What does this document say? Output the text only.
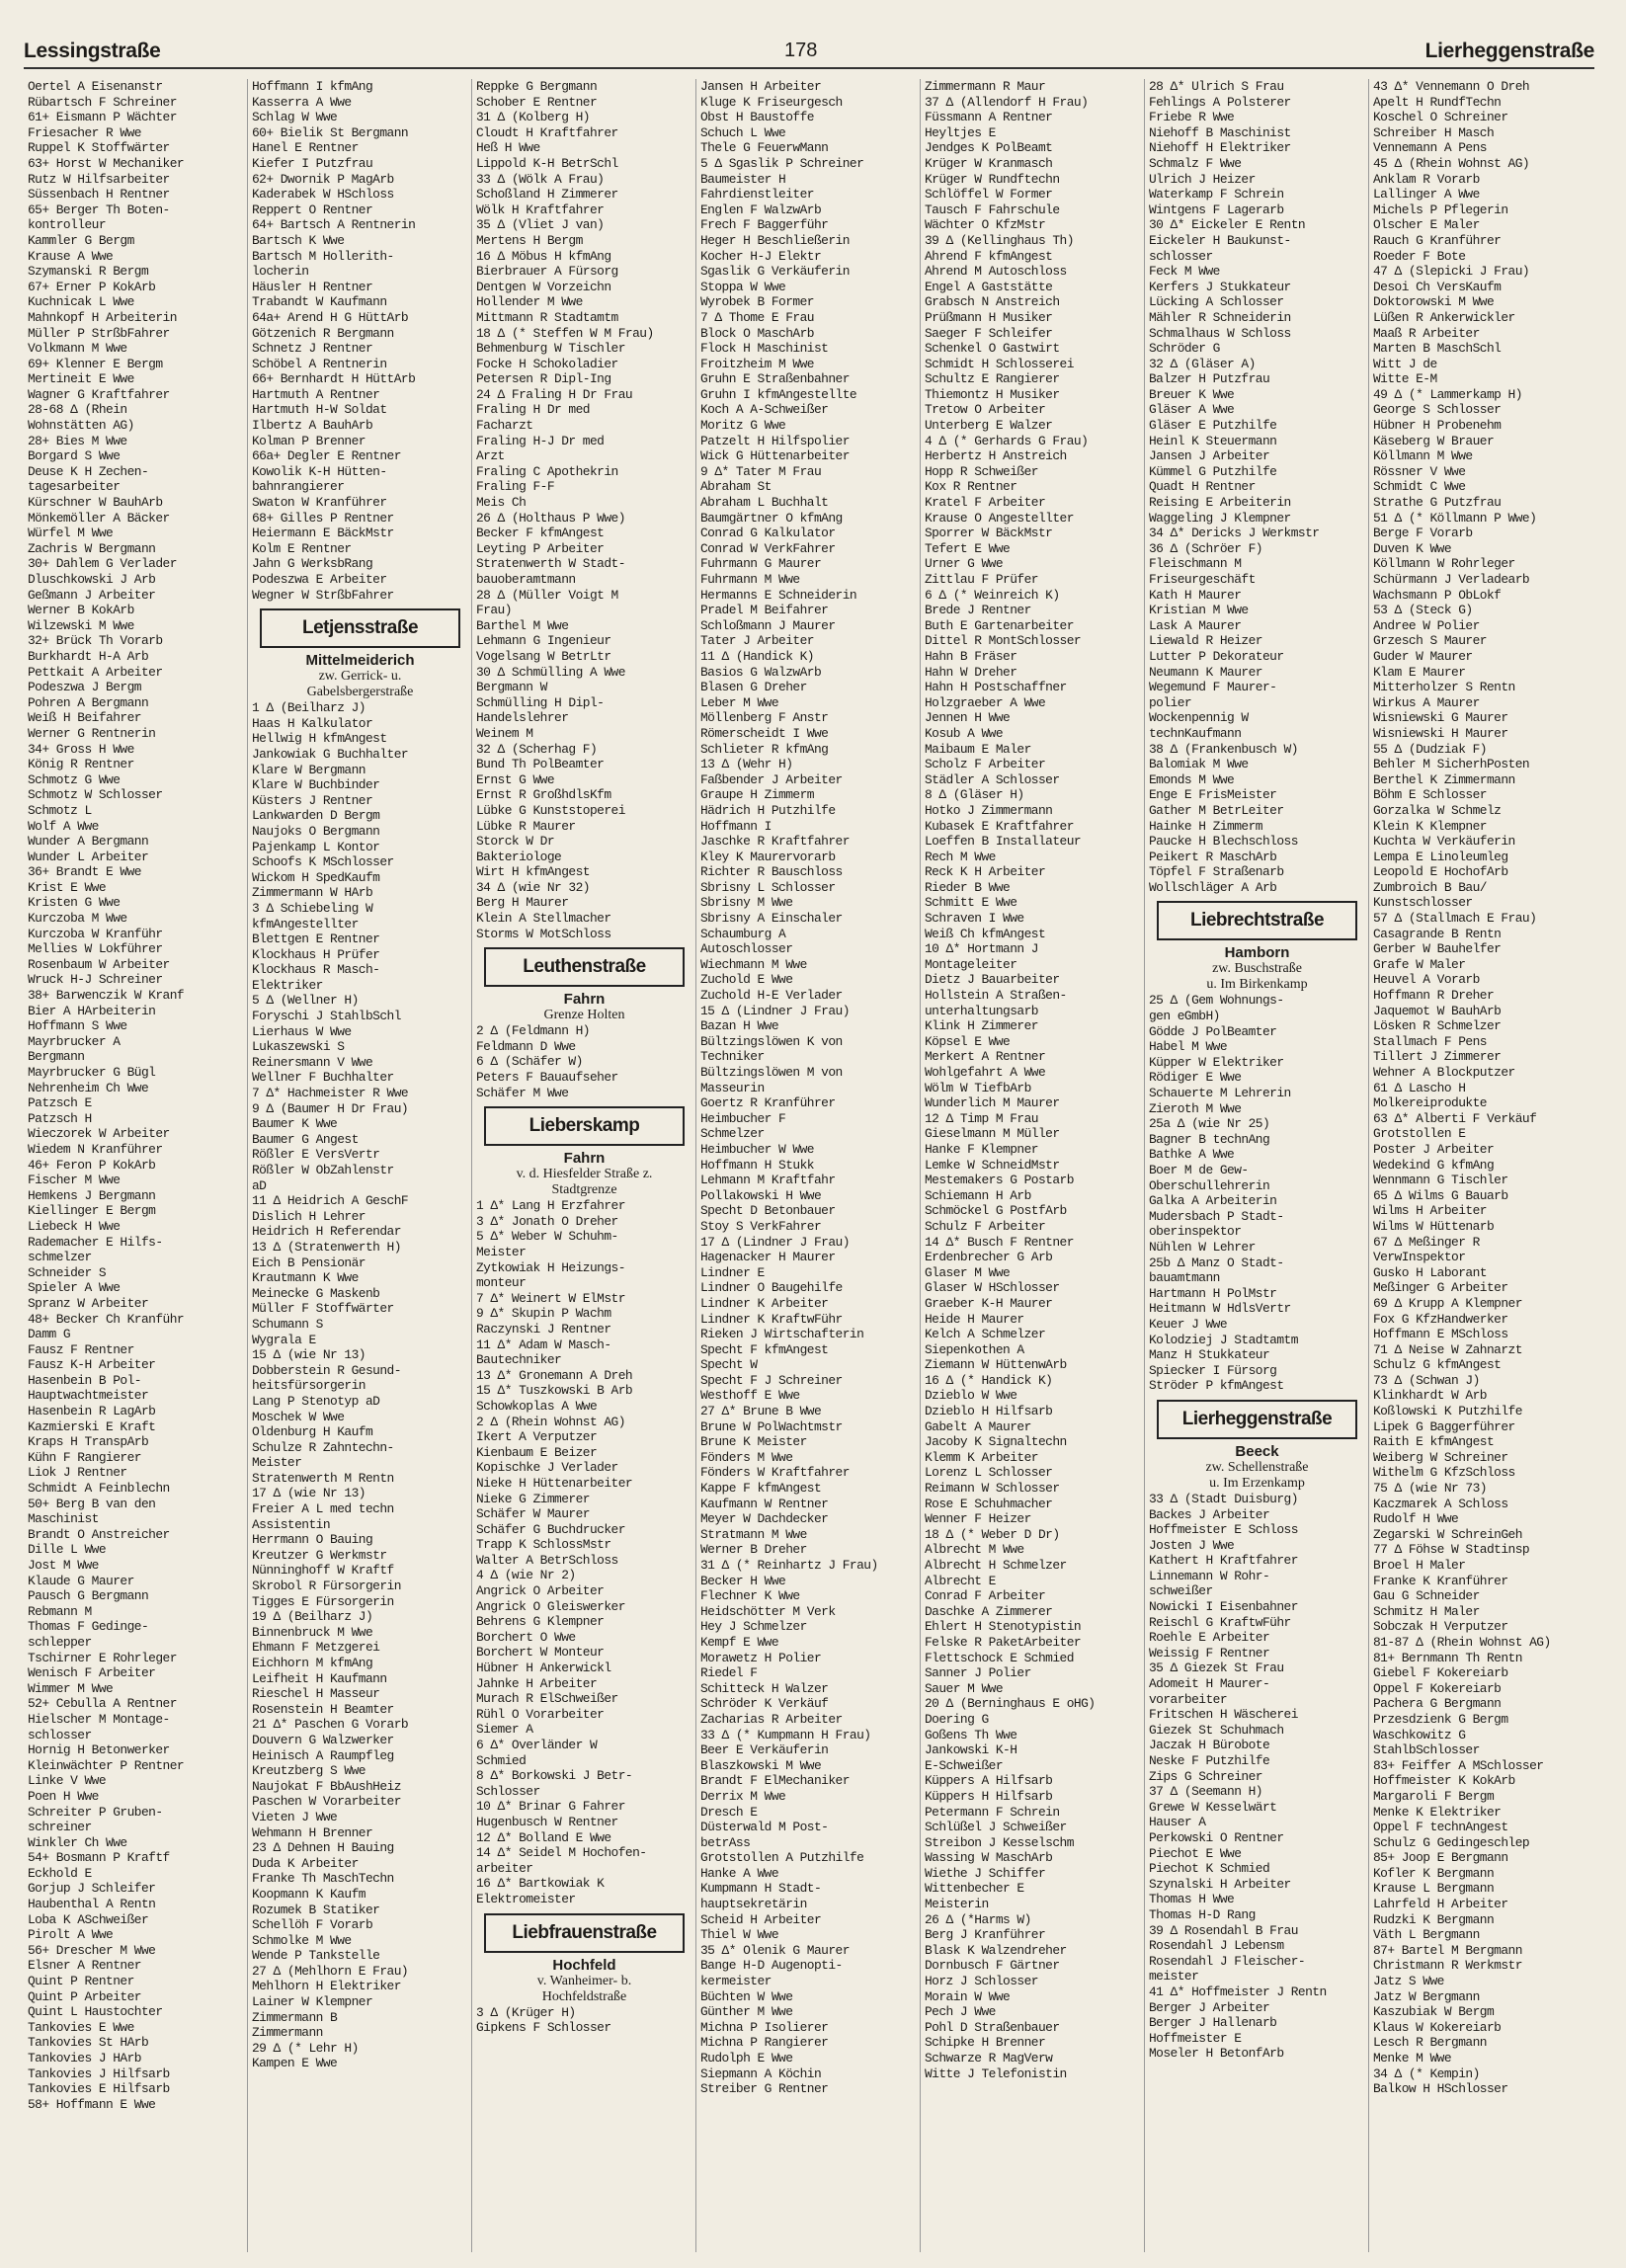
Lessingstraße	178	Lierheggenstraße
Oertel A Eisenanstr
Rübartsch F Schreiner
61+ Eismann P Wächter
Friesacher R Wwe
Ruppel K Stoffwärter
63+ Horst W Mechaniker
Rutz W Hilfsarbeiter
Süssenbach H Rentner
65+ Berger Th Boten-
kontrolleur
Kammler G Bergm
Krause A Wwe
Szymanski R Bergm
67+ Erner P KokArb
Kuchnicak L Wwe
Mahnkopf H Arbeiterin
Müller P StrßbFahrer
Volkmann M Wwe
69+ Klenner E Bergm
Mertineit E Wwe
Wagner G Kraftfahrer
28-68 Δ (Rhein
Wohnstätten AG)
28+ Bies M Wwe
Borgard S Wwe
Deuse K H Zechen-
tagesarbeiter
Kürschner W BauhArb
Mönkemöller A Bäcker
Würfel M Wwe
Zachris W Bergmann
30+ Dahlem G Verlader
Dluschkowski J Arb
Geßmann J Arbeiter
Werner B KokArb
Wilzewski M Wwe
32+ Brück Th Vorarb
Burkhardt H-A Arb
Pettkait A Arbeiter
Podeszwa J Bergm
Pohren A Bergmann
Weiß H Beifahrer
Werner G Rentnerin
34+ Gross H Wwe
König R Rentner
Schmotz G Wwe
Schmotz W Schlosser
Schmotz L
Wolf A Wwe
Wunder A Bergmann
Wunder L Arbeiter
36+ Brandt E Wwe
Krist E Wwe
Kristen G Wwe
Kurczoba M Wwe
Kurczoba W Kranführ
Mellies W Lokführer
Rosenbaum W Arbeiter
Wruck H-J Schreiner
38+ Barwenczik W Kranf
Bier A HArbeiterin
Hoffmann S Wwe
Mayrbrucker A
Bergmann
Mayrbrucker G Bügl
Nehrenheim Ch Wwe
Patzsch E
Patzsch H
Wieczorek W Arbeiter
Wiedem N Kranführer
46+ Feron P KokArb
Fischer M Wwe
Hemkens J Bergmann
Kiellinger E Bergm
Liebeck H Wwe
Rademacher E Hilfs-
schmelzer
Schneider S
Spieler A Wwe
Spranz W Arbeiter
48+ Becker Ch Kranführ
Damm G
Fausz F Rentner
Fausz K-H Arbeiter
Hasenbein B Pol-
Hauptwachtmeister
Hasenbein R LagArb
Kazmierski E Kraft
Kraps H TranspArb
Kühn F Rangierer
Liok J Rentner
Schmidt A Feinblechn
50+ Berg B van den
Maschinist
Brandt O Anstreicher
Dille L Wwe
Jost M Wwe
Klaude G Maurer
Pausch G Bergmann
Rebmann M
Thomas F Gedinge-
schlepper
Tschirner E Rohrleger
Wenisch F Arbeiter
Wimmer M Wwe
52+ Cebulla A Rentner
Hielscher M Montage-
schlosser
Hornig H Betonwerker
Kleinwächter P Rentner
Linke V Wwe
Poen H Wwe
Schreiter P Gruben-
schreiner
Winkler Ch Wwe
54+ Bosmann P Kraftf
Eckhold E
Gorjup J Schleifer
Haubenthal A Rentn
Loba K ASchweißer
Pirolt A Wwe
56+ Drescher M Wwe
Elsner A Rentner
Quint P Rentner
Quint P Arbeiter
Quint L Haustochter
Tankovies E Wwe
Tankovies St HArb
Tankovies J HArb
Tankovies J Hilfsarb
Tankovies E Hilfsarb
58+ Hoffmann E Wwe
Hoffmann I kfmAng
Kasserra A Wwe
Schlag W Wwe
60+ Bielik St Bergmann
Hanel E Rentner
Kiefer I Putzfrau
62+ Dwornik P MagArb
Kaderabek W HSchloss
Reppert O Rentner
64+ Bartsch A Rentnerin
Bartsch K Wwe
Bartsch M Hollerith-
locherin
Häusler H Rentner
Trabandt W Kaufmann
64a+ Arend H G HüttArb
Götzenich R Bergmann
Schnetz J Rentner
Schöbel A Rentnerin
66+ Bernhardt H HüttArb
Hartmuth A Rentner
Hartmuth H-W Soldat
Ilbertz A BauhArb
Kolman P Brenner
66a+ Degler E Rentner
Kowolik K-H Hütten-
bahnrangierer
Swaton W Kranführer
68+ Gilles P Rentner
Heiermann E BäckMstr
Kolm E Rentner
Jahn G WerksbRang
Podeszwa E Arbeiter
Wegner W StrßbFahrer
Letjensstraße
Mittelmeiderich
zw. Gerrick- u.
Gabelsbergerstraße
1 Δ (Beilharz J)
Haas H Kalkulator
Hellwig H kfmAngest
Jankowiak G Buchhalter
Klare W Bergmann
Klare W Buchbinder
Küsters J Rentner
Lankwarden D Bergm
Naujoks O Bergmann
Pajenkamp L Kontor
Schoofs K MSchlosser
Wickom H SpedKaufm
Zimmermann W HArb
3 Δ Schiebeling W
kfmAngestellter
Blettgen E Rentner
Klockhaus H Prüfer
Klockhaus R Masch-
Elektriker
5 Δ (Wellner H)
Foryschi J StahlbSchl
Lierhaus W Wwe
Lukaszewski S
Reinersmann V Wwe
Wellner F Buchhalter
7 Δ* Hachmeister R Wwe
9 Δ (Baumer H Dr Frau)
Baumer K Wwe
Baumer G Angest
Rößler E VersVertr
Rößler W ObZahlenstr
aD
11 Δ Heidrich A GeschF
Dislich H Lehrer
Heidrich H Referendar
13 Δ (Stratenwerth H)
Eich B Pensionär
Krautmann K Wwe
Meinecke G Maskenb
Müller F Stoffwärter
Schumann S
Wygrala E
15 Δ (wie Nr 13)
Dobberstein R Gesund-
heitsfürsorgerin
Lang P Stenotyp aD
Moschek W Wwe
Oldenburg H Kaufm
Schulze R Zahntechn-
Meister
Stratenwerth M Rentn
17 Δ (wie Nr 13)
Freier A L med techn
Assistentin
Herrmann O Bauing
Kreutzer G Werkmstr
Nünninghoff W Kraftf
Skrobol R Fürsorgerin
Tigges E Fürsorgerin
19 Δ (Beilharz J)
Binnenbruck M Wwe
Ehmann F Metzgerei
Eichhorn M kfmAng
Leifheit H Kaufmann
Rieschel H Masseur
Rosenstein H Beamter
21 Δ* Paschen G Vorarb
Douvern G Walzwerker
Heinisch A Raumpfleg
Kreutzberg S Wwe
Naujokat F BbAushHeiz
Paschen W Vorarbeiter
Vieten J Wwe
Wehmann H Brenner
23 Δ Dehnen H Bauing
Duda K Arbeiter
Franke Th MaschTechn
Koopmann K Kaufm
Rozumek B Statiker
Schellöh F Vorarb
Schmolke M Wwe
Wende P Tankstelle
27 Δ (Mehlhorn E Frau)
Mehlhorn H Elektriker
Lainer W Klempner
Zimmermann B
Zimmermann
29 Δ (* Lehr H)
Kampen E Wwe
Reppke G Bergmann
Schober E Rentner
31 Δ (Kolberg H)
Cloudt H Kraftfahrer
Heß H Wwe
Lippold K-H BetrSchl
33 Δ (Wölk A Frau)
Schoßland H Zimmerer
Wölk H Kraftfahrer
35 Δ (Vliet J van)
Mertens H Bergm
16 Δ Möbus H kfmAng
Bierbrauer A Fürsorg
Dentgen W Vorzeichn
Hollender M Wwe
Mittmann R Stadtamtm
18 Δ (* Steffen W M Frau)
Behmenburg W Tischler
Focke H Schokoladier
Petersen R Dipl-Ing
24 Δ Fraling H Dr Frau
Fraling H Dr med
Facharzt
Fraling H-J Dr med
Arzt
Fraling C Apothekrin
Fraling F-F
Meis Ch
26 Δ (Holthaus P Wwe)
Becker F kfmAngest
Leyting P Arbeiter
Stratenwerth W Stadt-
bauoberamtmann
28 Δ (Müller Voigt M
Frau)
Barthel M Wwe
Lehmann G Ingenieur
Vogelsang W BetrLtr
30 Δ Schmülling A Wwe
Bergmann W
Schmülling H Dipl-
Handelslehrer
Weinem M
32 Δ (Scherhag F)
Bund Th PolBeamter
Ernst G Wwe
Ernst R GroßhdlsKfm
Lübke G Kunststoperei
Lübke R Maurer
Storck W Dr
Bakteriologe
Wirt H kfmAngest
34 Δ (wie Nr 32)
Berg H Maurer
Klein A Stellmacher
Storms W MotSchloss
Leuthenstraße
Fahrn
Grenze Holten
2 Δ (Feldmann H)
Feldmann D Wwe
6 Δ (Schäfer W)
Peters F Bauaufseher
Schäfer M Wwe
Lieberskamp
Fahrn
v. d. Hiesfelder Straße z.
Stadtgrenze
1 Δ* Lang H Erzfahrer
3 Δ* Jonath O Dreher
5 Δ* Weber W Schuhm-
Meister
Zytkowiak H Heizungs-
monteur
7 Δ* Weinert W ElMstr
9 Δ* Skupin P Wachm
Raczynski J Rentner
11 Δ* Adam W Masch-
Bautechniker
13 Δ* Gronemann A Dreh
15 Δ* Tuszkowski B Arb
Schowkoplas A Wwe
2 Δ (Rhein Wohnst AG)
Ikert A Verputzer
Kienbaum E Beizer
Kopischke J Verlader
Nieke H Hüttenarbeiter
Nieke G Zimmerer
Schäfer W Maurer
Schäfer G Buchdrucker
Trapp K SchlossMstr
Walter A BetrSchloss
4 Δ (wie Nr 2)
Angrick O Arbeiter
Angrick O Gleiswerker
Behrens G Klempner
Borchert O Wwe
Borchert W Monteur
Hübner H Ankerwickl
Jahnke H Arbeiter
Murach R ElSchweißer
Rühl O Vorarbeiter
Siemer A
6 Δ* Overländer W
Schmied
8 Δ* Borkowski J Betr-
Schlosser
10 Δ* Brinar G Fahrer
Hugenbusch W Rentner
12 Δ* Bolland E Wwe
14 Δ* Seidel M Hochofen-
arbeiter
16 Δ* Bartkowiak K
Elektromeister
Liebfrauenstraße
Hochfeld
v. Wanheimer- b.
Hochfeldstraße
3 Δ (Krüger H)
Gipkens F Schlosser
Jansen H Arbeiter
Kluge K Friseurgesch
Obst H Baustoffe
Schuch L Wwe
Thele G FeuerwMann
5 Δ Sgaslik P Schreiner
Baumeister H
Fahrdienstleiter
Englen F WalzwArb
Frech F Baggerführ
Heger H Beschließerin
Kocher H-J Elektr
Sgaslik G Verkäuferin
Stoppa W Wwe
Wyrobek B Former
7 Δ Thome E Frau
Block O MaschArb
Flock H Maschinist
Froitzheim M Wwe
Gruhn E Straßenbahner
Gruhn I kfmAngestellte
Koch A A-Schweißer
Moritz G Wwe
Patzelt H Hilfspolier
Wick G Hüttenarbeiter
9 Δ* Tater M Frau
Abraham St
Abraham L Buchhalt
Baumgärtner O kfmAng
Conrad G Kalkulator
Conrad W VerkFahrer
Fuhrmann G Maurer
Fuhrmann M Wwe
Hermanns E Schneiderin
Pradel M Beifahrer
Schloßmann J Maurer
Tater J Arbeiter
11 Δ (Handick K)
Basios G WalzwArb
Blasen G Dreher
Leber M Wwe
Möllenberg F Anstr
Römerscheidt I Wwe
Schlieter R kfmAng
13 Δ (Wehr H)
Faßbender J Arbeiter
Graupe H Zimmerm
Hädrich H Putzhilfe
Hoffmann I
Jaschke R Kraftfahrer
Kley K Maurervorarb
Richter R Bauschloss
Sbrisny L Schlosser
Sbrisny M Wwe
Sbrisny A Einschaler
Schaumburg A
Autoschlosser
Wiechmann M Wwe
Zuchold E Wwe
Zuchold H-E Verlader
15 Δ (Lindner J Frau)
Bazan H Wwe
Bültzingslöwen K von
Techniker
Bültzingslöwen M von
Masseurin
Goertz R Kranführer
Heimbucher F
Schmelzer
Heimbucher W Wwe
Hoffmann H Stukk
Lehmann M Kraftfahr
Pollakowski H Wwe
Specht D Betonbauer
Stoy S VerkFahrer
17 Δ (Lindner J Frau)
Hagenacker H Maurer
Lindner E
Lindner O Baugehilfe
Lindner K Arbeiter
Lindner K KraftwFühr
Rieken J Wirtschafterin
Specht F kfmAngest
Specht W
Specht F J Schreiner
Westhoff E Wwe
27 Δ* Brune B Wwe
Brune W PolWachtmstr
Brune K Meister
Fönders M Wwe
Fönders W Kraftfahrer
Kappe F kfmAngest
Kaufmann W Rentner
Meyer W Dachdecker
Stratmann M Wwe
Werner B Dreher
31 Δ (* Reinhartz J Frau)
Becker H Wwe
Flechner K Wwe
Heidschötter M Verk
Hey J Schmelzer
Kempf E Wwe
Morawetz H Polier
Riedel F
Schitteck H Walzer
Schröder K Verkäuf
Zacharias R Arbeiter
33 Δ (* Kumpmann H Frau)
Beer E Verkäuferin
Blaszkowski M Wwe
Brandt F ElMechaniker
Derrix M Wwe
Dresch E
Düsterwald M Post-
betrAss
Grotstollen A Putzhilfe
Hanke A Wwe
Kumpmann H Stadt-
hauptsekretärin
Scheid H Arbeiter
Thiel W Wwe
35 Δ* Olenik G Maurer
Bange H-D Augenopti-
kermeister
Büchten W Wwe
Günther M Wwe
Michna P Isolierer
Michna P Rangierer
Rudolph E Wwe
Siepmann A Köchin
Streiber G Rentner
Zimmermann R Maur
37 Δ (Allendorf H Frau)
Füssmann A Rentner
Heyltjes E
Jendges K PolBeamt
Krüger W Kranmasch
Krüger W Rundftechn
Schlöffel W Former
Tausch F Fahrschule
Wächter O KfzMstr
39 Δ (Kellinghaus Th)
Ahrend F kfmAngest
Ahrend M Autoschloss
Engel A Gaststätte
Grabsch N Anstreich
Prüßmann H Musiker
Saeger F Schleifer
Schenkel O Gastwirt
Schmidt H Schlosserei
Schultz E Rangierer
Thiemontz H Musiker
Tretow O Arbeiter
Unterberg E Walzer
4 Δ (* Gerhards G Frau)
Herbertz H Anstreich
Hopp R Schweißer
Kox R Rentner
Kratel F Arbeiter
Krause O Angestellter
Sporrer W BäckMstr
Tefert E Wwe
Urner G Wwe
Zittlau F Prüfer
6 Δ (* Weinreich K)
Brede J Rentner
Buth E Gartenarbeiter
Dittel R MontSchlosser
Hahn B Fräser
Hahn W Dreher
Hahn H Postschaffner
Holzgraeber A Wwe
Jennen H Wwe
Kosub A Wwe
Maibaum E Maler
Scholz F Arbeiter
Städler A Schlosser
8 Δ (Gläser H)
Hotko J Zimmermann
Kubasek E Kraftfahrer
Loeffen B Installateur
Rech M Wwe
Reck K H Arbeiter
Rieder B Wwe
Schmitt E Wwe
Schraven I Wwe
Weiß Ch kfmAngest
10 Δ* Hortmann J
Montageleiter
Dietz J Bauarbeiter
Hollstein A Straßen-
unterhaltungsarb
Klink H Zimmerer
Köpsel E Wwe
Merkert A Rentner
Wohlgefahrt A Wwe
Wölm W TiefbArb
Wunderlich M Maurer
12 Δ Timp M Frau
Gieselmann M Müller
Hanke F Klempner
Lemke W SchneidMstr
Mestemakers G Postarb
Schiemann H Arb
Schmöckel G PostfArb
Schulz F Arbeiter
14 Δ* Busch F Rentner
Erdenbrecher G Arb
Glaser M Wwe
Glaser W HSchlosser
Graeber K-H Maurer
Heide H Maurer
Kelch A Schmelzer
Siepenkothen A
Ziemann W HüttenwArb
16 Δ (* Handick K)
Dzieblo W Wwe
Dzieblo H Hilfsarb
Gabelt A Maurer
Jacoby K Signaltechn
Klemm K Arbeiter
Lorenz L Schlosser
Reimann W Schlosser
Rose E Schuhmacher
Wenner F Heizer
18 Δ (* Weber D Dr)
Albrecht M Wwe
Albrecht H Schmelzer
Albrecht E
Conrad F Arbeiter
Daschke A Zimmerer
Ehlert H Stenotypistin
Felske R PaketArbeiter
Flettschock E Schmied
Sanner J Polier
Sauer M Wwe
20 Δ (Berninghaus E oHG)
Doering G
Goßens Th Wwe
Jankowski K-H
E-Schweißer
Küppers A Hilfsarb
Küppers H Hilfsarb
Petermann F Schrein
Schlüßel J Schweißer
Streibon J Kesselschm
Wassing W MaschArb
Wiethe J Schiffer
Wittenbecher E
Meisterin
26 Δ (*Harms W)
Berg J Kranführer
Blask K Walzendreher
Dornbusch F Gärtner
Horz J Schlosser
Morain W Wwe
Pech J Wwe
Pohl D Straßenbauer
Schipke H Brenner
Schwarze R MagVerw
Witte J Telefonistin
28 Δ* Ulrich S Frau
Fehlings A Polsterer
Friebe R Wwe
Niehoff B Maschinist
Niehoff H Elektriker
Schmalz F Wwe
Ulrich J Heizer
Waterkamp F Schrein
Wintgens F Lagerarb
30 Δ* Eickeler E Rentn
Eickeler H Baukunst-
schlosser
Feck M Wwe
Kerfers J Stukkateur
Lücking A Schlosser
Mähler R Schneiderin
Schmalhaus W Schloss
Schröder G
32 Δ (Gläser A)
Balzer H Putzfrau
Breuer K Wwe
Gläser A Wwe
Gläser E Putzhilfe
Heinl K Steuermann
Jansen J Arbeiter
Kümmel G Putzhilfe
Quadt H Rentner
Reising E Arbeiterin
Waggeling J Klempner
34 Δ* Dericks J Werkmstr
36 Δ (Schröer F)
Fleischmann M
Friseurgeschäft
Kath H Maurer
Kristian M Wwe
Lask A Maurer
Liewald R Heizer
Lutter P Dekorateur
Neumann K Maurer
Wegemund F Maurer-
polier
Wockenpennig W
technKaufmann
38 Δ (Frankenbusch W)
Balomiak M Wwe
Emonds M Wwe
Enge E FrisMeister
Gather M BetrLeiter
Hainke H Zimmerm
Paucke H Blechschloss
Peikert R MaschArb
Töpfel F Straßenarb
Wollschläger A Arb
Liebrechtstraße
Hamborn
zw. Buschstraße
u. Im Birkenkamp
25 Δ (Gem Wohnungs-
gen eGmbH)
Gödde J PolBeamter
Habel M Wwe
Küpper W Elektriker
Rödiger E Wwe
Schauerte M Lehrerin
Zieroth M Wwe
25a Δ (wie Nr 25)
Bagner B technAng
Bathke A Wwe
Boer M de Gew-
Oberschullehrerin
Galka A Arbeiterin
Mudersbach P Stadt-
oberinspektor
Nühlen W Lehrer
25b Δ Manz O Stadt-
bauamtmann
Hartmann H PolMstr
Heitmann W HdlsVertr
Keuer J Wwe
Kolodziej J Stadtamtm
Manz H Stukkateur
Spiecker I Fürsorg
Ströder P kfmAngest
Lierheggenstraße
Beeck
zw. Schellenstraße
u. Im Erzenkamp
33 Δ (Stadt Duisburg)
Backes J Arbeiter
Hoffmeister E Schloss
Josten J Wwe
Kathert H Kraftfahrer
Linnemann W Rohr-
schweißer
Nowicki I Eisenbahner
Reischl G KraftwFühr
Roehle E Arbeiter
Weissig F Rentner
35 Δ Giezek St Frau
Adomeit H Maurer-
vorarbeiter
Fritschen H Wäscherei
Giezek St Schuhmach
Jaczak H Bürobote
Neske F Putzhilfe
Zips G Schreiner
37 Δ (Seemann H)
Grewe W Kesselwärt
Hauser A
Perkowski O Rentner
Piechot E Wwe
Piechot K Schmied
Szynalski H Arbeiter
Thomas H Wwe
Thomas H-D Rang
39 Δ Rosendahl B Frau
Rosendahl J Lebensm
Rosendahl J Fleischer-
meister
41 Δ* Hoffmeister J Rentn
Berger J Arbeiter
Berger J Hallenarb
Hoffmeister E
Moseler H BetonfArb
43 Δ* Vennemann O Dreh
Apelt H RundfTechn
Koschel O Schreiner
Schreiber H Masch
Vennemann A Pens
45 Δ (Rhein Wohnst AG)
Anklam R Vorarb
Lallinger A Wwe
Michels P Pflegerin
Olscher E Maler
Rauch G Kranführer
Roeder F Bote
47 Δ (Slepicki J Frau)
Desoi Ch VersKaufm
Doktorowski M Wwe
Lüßen R Ankerwickler
Maaß R Arbeiter
Marten B MaschSchl
Witt J de
Witte E-M
49 Δ (* Lammerkamp H)
George S Schlosser
Hübner H Probenehm
Käseberg W Brauer
Köllmann M Wwe
Rössner V Wwe
Schmidt C Wwe
Strathe G Putzfrau
51 Δ (* Köllmann P Wwe)
Berge F Vorarb
Duven K Wwe
Köllmann W Rohrleger
Schürmann J Verladearb
Wachsmann P ObLokf
53 Δ (Steck G)
Andree W Polier
Grzesch S Maurer
Guder W Maurer
Klam E Maurer
Mitterholzer S Rentn
Wirkus A Maurer
Wisniewski G Maurer
Wisniewski H Maurer
55 Δ (Dudziak F)
Behler M SicherhPosten
Berthel K Zimmermann
Böhm E Schlosser
Gorzalka W Schmelz
Klein K Klempner
Kuchta W Verkäuferin
Lempa E Linoleumleg
Leopold E HochofArb
Zumbroich B Bau/
Kunstschlosser
57 Δ (Stallmach E Frau)
Casagrande B Rentn
Gerber W Bauhelfer
Grafe W Maler
Heuvel A Vorarb
Hoffmann R Dreher
Jaquemot W BauhArb
Lösken R Schmelzer
Stallmach F Pens
Tillert J Zimmerer
Wehner A Blockputzer
61 Δ Lascho H
Molkereiprodukte
63 Δ* Alberti F Verkäuf
Grotstollen E
Poster J Arbeiter
Wedekind G kfmAng
Wennmann G Tischler
65 Δ Wilms G Bauarb
Wilms H Arbeiter
Wilms W Hüttenarb
67 Δ Meßinger R
VerwInspektor
Gusko H Laborant
Meßinger G Arbeiter
69 Δ Krupp A Klempner
Fox G KfzHandwerker
Hoffmann E MSchloss
71 Δ Neise W Zahnarzt
Schulz G kfmAngest
73 Δ (Schwan J)
Klinkhardt W Arb
Koßlowski K Putzhilfe
Lipek G Baggerführer
Raith E kfmAngest
Weiberg W Schreiner
Withelm G KfzSchloss
75 Δ (wie Nr 73)
Kaczmarek A Schloss
Rudolf H Wwe
Zegarski W SchreinGeh
77 Δ Föhse W Stadtinsp
Broel H Maler
Franke K Kranführer
Gau G Schneider
Schmitz H Maler
Sobczak H Verputzer
81-87 Δ (Rhein Wohnst AG)
81+ Bernmann Th Rentn
Giebel F Kokereiarb
Oppel F Kokereiarb
Pachera G Bergmann
Przesdzienk G Bergm
Waschkowitz G
StahlbSchlosser
83+ Feiffer A MSchlosser
Hoffmeister K KokArb
Margaroli F Bergm
Menke K Elektriker
Oppel F technAngest
Schulz G Gedingeschlep
85+ Joop E Bergmann
Kofler K Bergmann
Krause L Bergmann
Lahrfeld H Arbeiter
Rudzki K Bergmann
Väth L Bergmann
87+ Bartel M Bergmann
Christmann R Werkmstr
Jatz S Wwe
Jatz W Bergmann
Kaszubiak W Bergm
Klaus W Kokereiarb
Lesch R Bergmann
Menke M Wwe
34 Δ (* Kempin)
Balkow H HSchlosser
